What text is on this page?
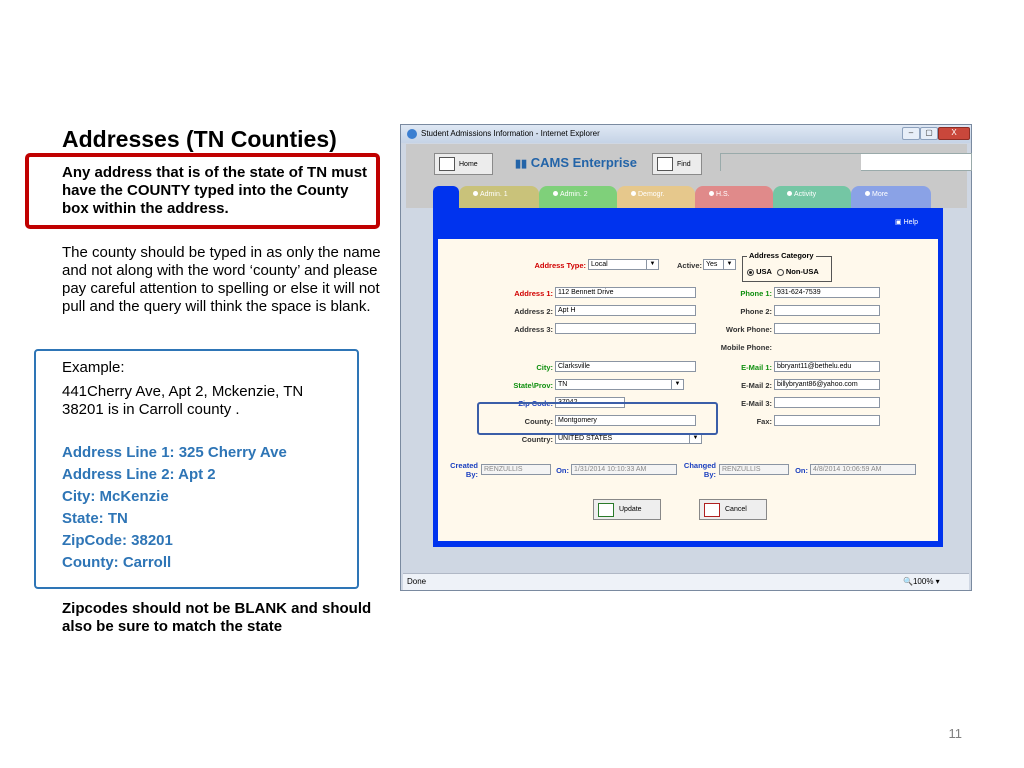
Addresses (TN Counties)
Any address that is of the state of TN must have the COUNTY typed into the County box within the address.
The county should be typed in as only the name and not along with the word ‘county’ and please pay careful attention to spelling or else it will not pull and the query will think the space is blank.
Example:
441Cherry Ave, Apt 2, Mckenzie, TN
38201 is in Carroll county .
Address Line 1: 325 Cherry Ave
Address Line 2: Apt 2
City: McKenzie
State: TN
ZipCode: 38201
County: Carroll
Zipcodes should not be BLANK and should also be sure to match the state
11
Student Admissions Information - Internet Explorer	–	▢	X
Home	▮▮ CAMS Enterprise	Find
Admin. 1	Admin. 2	Demogr.	H.S.	Activity	More
▣ Help
Address Type: Local	▼	Active: Yes	▼
Address Category
USA Non-USA
Address 1: 112 Bennett Drive
Address 2: Apt H
Address 3:
City: Clarksville
State\Prov: TN	▼
Zip Code: 37042
County: Montgomery
Country: UNITED STATES	▼
Phone 1: 931-624-7539
Phone 2:
Work Phone:
Mobile Phone:
E-Mail 1: bbryant11@bethelu.edu
E-Mail 2: billybryant86@yahoo.com
E-Mail 3:
Fax:
Created
By:
RENZULLIS	On: 1/31/2014 10:10:33 AM	Changed
By:
RENZULLIS	On: 4/8/2014 10:06:59 AM
Update	Cancel
Done	🔍100% ▾
